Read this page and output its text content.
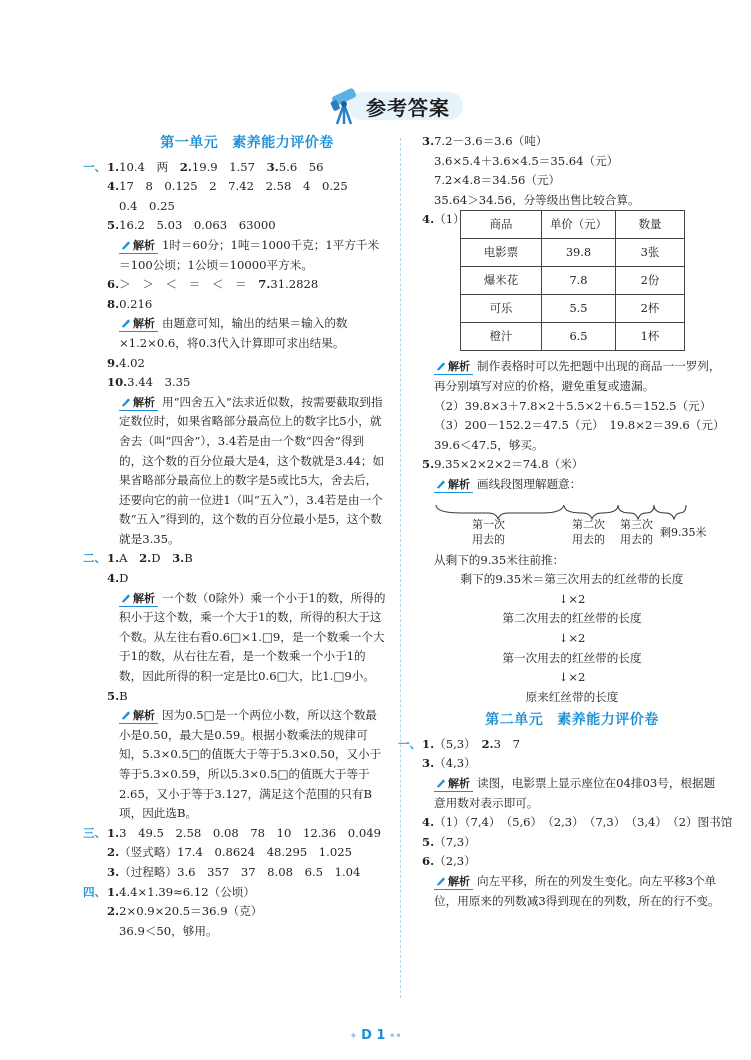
参考答案
第一单元 素养能力评价卷
一、1.10.4　两　2.19.9　1.57　3.5.6　56
4.17　8　0.125　2　7.42　2.58　4　0.25
0.4　0.25
5.16.2　5.03　0.063　63000
解析 1时＝60分；1吨＝1000千克；1平方千米＝100公顷；1公顷＝10000平方米。
6.＞　＞　＜　＝　＜　＝　7.31.2828
8.0.216
解析 由题意可知，输出的结果＝输入的数×1.2×0.6，将0.3代入计算即可求出结果。
9.4.02
10.3.44　3.35
解析 用“四舍五入”法求近似数，按需要截取到指定数位时，如果省略部分最高位上的数字比5小，就舍去（叫“四舍”），3.4若是由一个数“四舍”得到的，这个数的百分位最大是4，这个数就是3.44；如果省略部分最高位上的数字是5或比5大，舍去后，还要向它的前一位进1（叫“五入”），3.4若是由一个数“五入”得到的，这个数的百分位最小是5，这个数就是3.35。
二、1.A　2.D　3.B
4.D
解析 一个数（0除外）乘一个小于1的数，所得的积小于这个数，乘一个大于1的数，所得的积大于这个数。从左往右看0.6□×1.□9，是一个数乘一个大于1的数，从右往左看，是一个数乘一个小于1的数，因此所得的积一定是比0.6□大，比1.□9小。
5.B
解析 因为0.5□是一个两位小数，所以这个数最小是0.50，最大是0.59。根据小数乘法的规律可知，5.3×0.5□的值既大于等于5.3×0.50，又小于等于5.3×0.59，所以5.3×0.5□的值既大于等于2.65，又小于等于3.127，满足这个范围的只有B项，因此选B。
三、1.3　49.5　2.58　0.08　78　10　12.36　0.049
2.（竖式略）17.4　0.8624　48.295　1.025
3.（过程略）3.6　357　37　8.08　6.5　1.04
四、1.4.4×1.39≈6.12（公顷）
2.2×0.9×20.5＝36.9（克）
36.9＜50，够用。
3.7.2－3.6＝3.6（吨）
3.6×5.4＋3.6×4.5＝35.64（元）
7.2×4.8＝34.56（元）
35.64＞34.56，分等级出售比较合算。
4.（1）	商品	单价（元）	数量
电影票	39.8	3张
爆米花	7.8	2份
可乐	5.5	2杯
橙汁	6.5	1杯
解析 制作表格时可以先把题中出现的商品一一罗列，再分别填写对应的价格，避免重复或遗漏。
（2）39.8×3＋7.8×2＋5.5×2＋6.5＝152.5（元）
（3）200－152.2＝47.5（元）　19.8×2＝39.6（元）
39.6＜47.5，够买。
5.9.35×2×2×2＝74.8（米）
解析 画线段图理解题意：
第一次
用去的
第二次
用去的
第三次
用去的
剩9.35米
从剩下的9.35米往前推：
剩下的9.35米＝第三次用去的红丝带的长度
↓×2
第二次用去的红丝带的长度
↓×2
第一次用去的红丝带的长度
↓×2
原来红丝带的长度
第二单元 素养能力评价卷
一、1.（5,3）　2.3　7
3.（4,3）
解析 读图，电影票上显示座位在04排03号，根据题意用数对表示即可。
4.（1）（7,4）　（5,6）　（2,3）　（7,3）　（3,4）　（2）图书馆
5.（7,3）
6.（2,3）
解析 向左平移，所在的列发生变化。向左平移3个单位，用原来的列数减3得到现在的列数，所在的行不变。
✦ D 1 ••
